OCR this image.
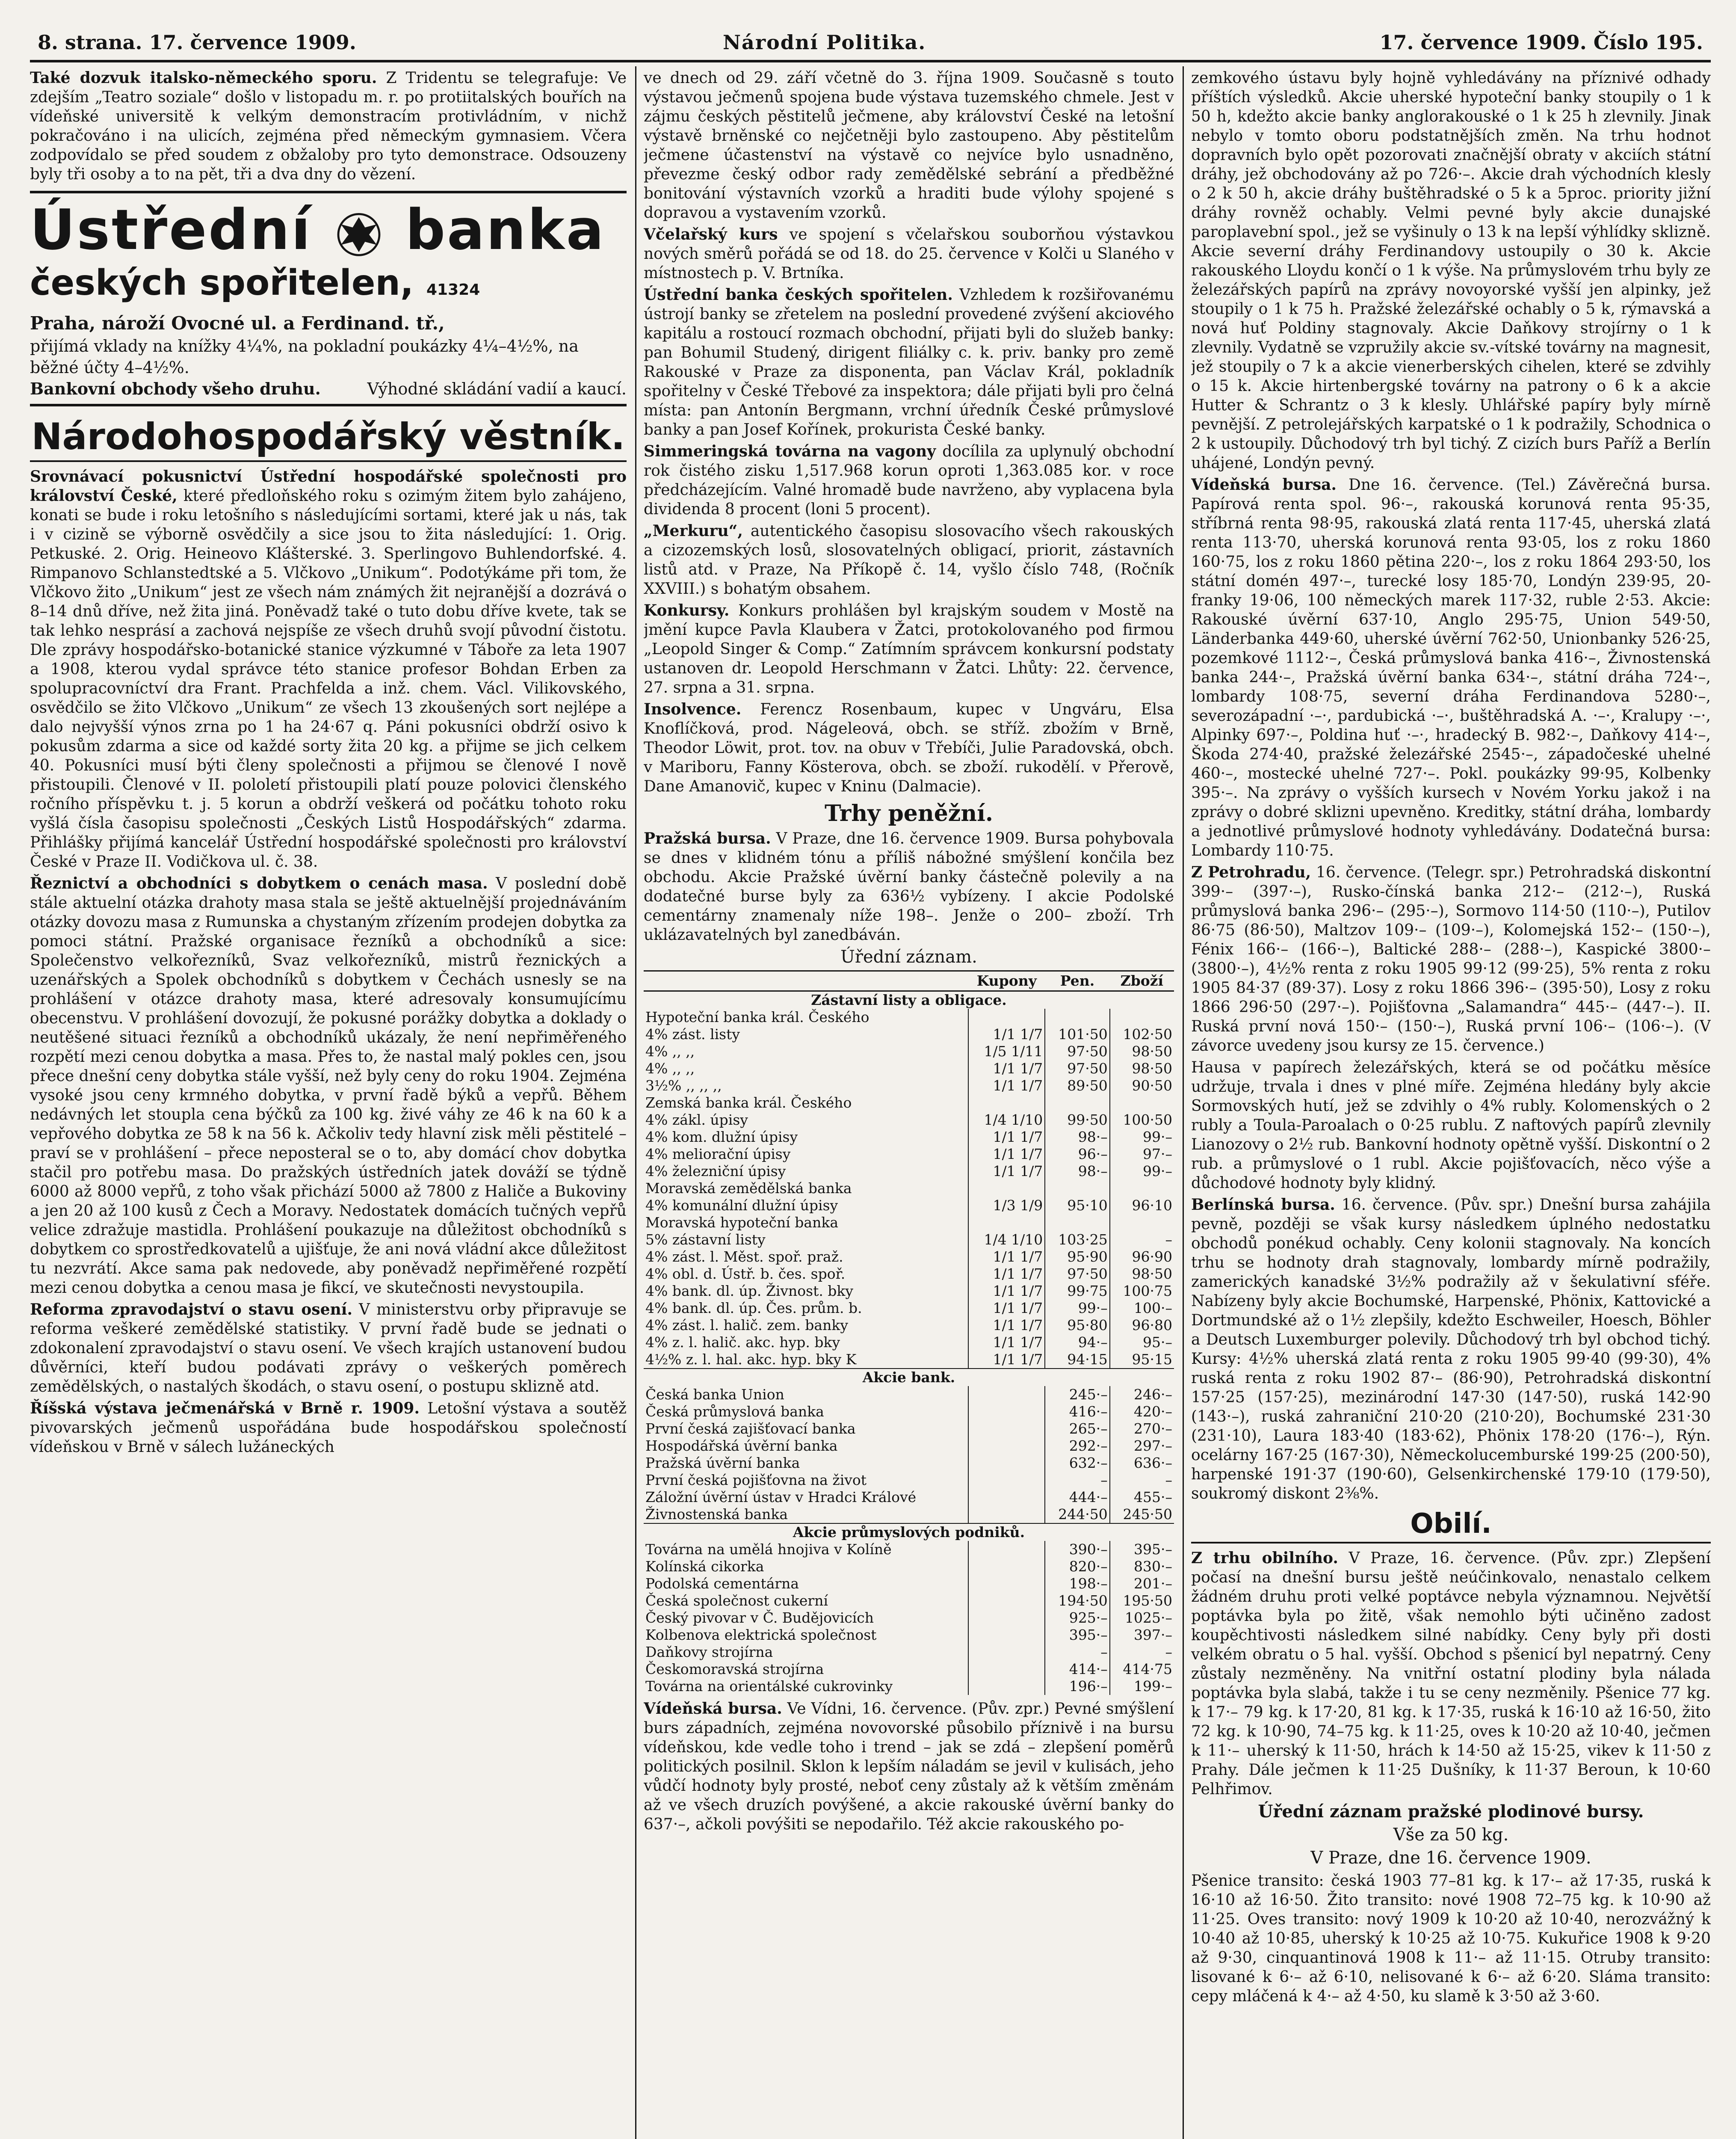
8. strana. 17. července 1909.	Národní Politika.	17. července 1909. Číslo 195.

Také dozvuk italsko-německého sporu. Z Tridentu se telegrafuje: Ve zdejším „Teatro soziale“ došlo v listopadu m. r. po protiitalských bouřích na vídeňské universitě k velkým demonstracím protivládním, v nichž pokračováno i na ulicích, zejména před německým gymnasiem. Včera zodpovídalo se před soudem z obžaloby pro tyto demonstrace. Odsouzeny byly tři osoby a to na pět, tři a dva dny do vězení.

Ústřední banka
českých spořitelen, 41324
Praha, nároží Ovocné ul. a Ferdinand. tř.,
přijímá vklady na knížky 4¼%, na pokladní poukázky 4¼–4½%, na běžné účty 4–4½%.
Bankovní obchody všeho druhu.	Výhodné skládání vadií a kaucí.
Národohospodářský věstník.

Srovnávací pokusnictví Ústřední hospodářské společnosti pro království České, které předloňského roku s ozimým žitem bylo zahájeno, konati se bude i roku letošního s následujícími sortami, které jak u nás, tak i v cizině se výborně osvědčily a sice jsou to žita následující: 1. Orig. Petkuské. 2. Orig. Heineovo Klášterské. 3. Sperlingovo Buhlendorfské. 4. Rimpanovo Schlanstedtské a 5. Vlčkovo „Unikum“. Podotýkáme při tom, že Vlčkovo žito „Unikum“ jest ze všech nám známých žit nejranější a dozrává o 8–14 dnů dříve, než žita jiná. Poněvadž také o tuto dobu dříve kvete, tak se tak lehko nesprásí a zachová nejspíše ze všech druhů svojí původní čistotu. Dle zprávy hospodářsko-botanické stanice výzkumné v Táboře za leta 1907 a 1908, kterou vydal správce této stanice profesor Bohdan Erben za spolupracovníctví dra Frant. Prachfelda a inž. chem. Václ. Vilikovského, osvědčilo se žito Vlčkovo „Unikum“ ze všech 13 zkoušených sort nejlépe a dalo nejvyšší výnos zrna po 1 ha 24·67 q. Páni pokusníci obdrží osivo k pokusům zdarma a sice od každé sorty žita 20 kg. a přijme se jich celkem 40. Pokusníci musí býti členy společnosti a přijmou se členové I nově přistoupili. Členové v II. pololetí přistoupili platí pouze polovici členského ročního příspěvku t. j. 5 korun a obdrží veškerá od počátku tohoto roku vyšlá čísla časopisu společnosti „Českých Listů Hospodářských“ zdarma. Přihlášky přijímá kancelář Ústřední hospodářské společnosti pro království České v Praze II. Vodičkova ul. č. 38.

Řeznictví a obchodníci s dobytkem o cenách masa. V poslední době stále aktuelní otázka drahoty masa stala se ještě aktuelnější projednáváním otázky dovozu masa z Rumunska a chystaným zřízením prodejen dobytka za pomoci státní. Pražské organisace řezníků a obchodníků a sice: Společenstvo velkořezníků, Svaz velkořezníků, mistrů řeznických a uzenářských a Spolek obchodníků s dobytkem v Čechách usnesly se na prohlášení v otázce drahoty masa, které adresovaly konsumujícímu obecenstvu. V prohlášení dovozují, že pokusné porážky dobytka a doklady o neutěšené situaci řezníků a obchodníků ukázaly, že není nepřiměřeného rozpětí mezi cenou dobytka a masa. Přes to, že nastal malý pokles cen, jsou přece dnešní ceny dobytka stále vyšší, než byly ceny do roku 1904. Zejména vysoké jsou ceny krmného dobytka, v první řadě býků a vepřů. Během nedávných let stoupla cena býčků za 100 kg. živé váhy ze 46 k na 60 k a vepřového dobytka ze 58 k na 56 k. Ačkoliv tedy hlavní zisk měli pěstitelé – praví se v prohlášení – přece neposteral se o to, aby domácí chov dobytka stačil pro potřebu masa. Do pražských ústředních jatek dováží se týdně 6000 až 8000 vepřů, z toho však přichází 5000 až 7800 z Haliče a Bukoviny a jen 20 až 100 kusů z Čech a Moravy. Nedostatek domácích tučných vepřů velice zdražuje mastidla. Prohlášení poukazuje na důležitost obchodníků s dobytkem co sprostředkovatelů a ujišťuje, že ani nová vládní akce důležitost tu nezvrátí. Akce sama pak nedovede, aby poněvadž nepřiměřené rozpětí mezi cenou dobytka a cenou masa je fikcí, ve skutečnosti nevystoupila.

Reforma zpravodajství o stavu osení. V ministerstvu orby připravuje se reforma veškeré zemědělské statistiky. V první řadě bude se jednati o zdokonalení zpravodajství o stavu osení. Ve všech krajích ustanovení budou důvěrníci, kteří budou podávati zprávy o veškerých poměrech zemědělských, o nastalých škodách, o stavu osení, o postupu sklizně atd.

Říšská výstava ječmenářská v Brně r. 1909. Letošní výstava a soutěž pivovarských ječmenů uspořádána bude hospodářskou společností vídeňskou v Brně v sálech lužáneckých

ve dnech od 29. září včetně do 3. října 1909. Současně s touto výstavou ječmenů spojena bude výstava tuzemského chmele. Jest v zájmu českých pěstitelů ječmene, aby království České na letošní výstavě brněnské co nejčetněji bylo zastoupeno. Aby pěstitelům ječmene účastenství na výstavě co nejvíce bylo usnadněno, převezme český odbor rady zemědělské sebrání a předběžné bonitování výstavních vzorků a hraditi bude výlohy spojené s dopravou a vystavením vzorků.

Včelařský kurs ve spojení s včelařskou souborňou výstavkou nových směrů pořádá se od 18. do 25. července v Kolči u Slaného v místnostech p. V. Brtníka.

Ústřední banka českých spořitelen. Vzhledem k rozšiřovanému ústrojí banky se zřetelem na poslední provedené zvýšení akciového kapitálu a rostoucí rozmach obchodní, přijati byli do služeb banky: pan Bohumil Studený, dirigent filiálky c. k. priv. banky pro země Rakouské v Praze za disponenta, pan Václav Král, pokladník spořitelny v České Třebové za inspektora; dále přijati byli pro čelná místa: pan Antonín Bergmann, vrchní úředník České průmyslové banky a pan Josef Kořínek, prokurista České banky.

Simmeringská továrna na vagony docílila za uplynulý obchodní rok čistého zisku 1,517.968 korun oproti 1,363.085 kor. v roce předcházejícím. Valné hromadě bude navrženo, aby vyplacena byla dividenda 8 procent (loni 5 procent).

„Merkuru“, autentického časopisu slosovacího všech rakouských a cizozemských losů, slosovatelných obligací, priorit, zástavních listů atd. v Praze, Na Příkopě č. 14, vyšlo číslo 748, (Ročník XXVIII.) s bohatým obsahem.

Konkursy. Konkurs prohlášen byl krajským soudem v Mostě na jmění kupce Pavla Klaubera v Žatci, protokolovaného pod firmou „Leopold Singer & Comp.“ Zatímním správcem konkursní podstaty ustanoven dr. Leopold Herschmann v Žatci. Lhůty: 22. července, 27. srpna a 31. srpna.

Insolvence. Ferencz Rosenbaum, kupec v Ungváru, Elsa Knoflíčková, prod. Nágeleová, obch. se stříž. zbožím v Brně, Theodor Löwit, prot. tov. na obuv v Třebíči, Julie Paradovská, obch. v Mariboru, Fanny Kösterova, obch. se zboží. rukodělí. v Přerově, Dane Amanovič, kupec v Kninu (Dalmacie).

Trhy peněžní.

Pražská bursa. V Praze, dne 16. července 1909. Bursa pohybovala se dnes v klidném tónu a příliš nábožné smýšlení končila bez obchodu. Akcie Pražské úvěrní banky částečně polevily a na dodatečné burse byly za 636½ vybízeny. I akcie Podolské cementárny znamenaly níže 198–. Jenže o 200– zboží. Trh uklázavatelných byl zanedbáván.

Úřední záznam.
	Kupony	Pen.	Zboží
Zástavní listy a obligace.			
Hypoteční banka král. Českého			
4% zást. listy	1/1 1/7	101·50	102·50
4% ,, ,,	1/5 1/11	97·50	98·50
4% ,, ,,	1/1 1/7	97·50	98·50
3½% ,, ,, ,,	1/1 1/7	89·50	90·50
Zemská banka král. Českého			
4% zákl. úpisy	1/4 1/10	99·50	100·50
4% kom. dlužní úpisy	1/1 1/7	98·–	99·–
4% meliorační úpisy	1/1 1/7	96·–	97·–
4% železniční úpisy	1/1 1/7	98·–	99·–
Moravská zemědělská banka			
4% komunální dlužní úpisy	1/3 1/9	95·10	96·10
Moravská hypoteční banka			
5% zástavní listy	1/4 1/10	103·25	–
4% zást. l. Měst. spoř. praž.	1/1 1/7	95·90	96·90
4% obl. d. Ústř. b. čes. spoř.	1/1 1/7	97·50	98·50
4% bank. dl. úp. Živnost. bky	1/1 1/7	99·75	100·75
4% bank. dl. úp. Čes. prům. b.	1/1 1/7	99·–	100·–
4% zást. l. halič. zem. banky	1/1 1/7	95·80	96·80
4% z. l. halič. akc. hyp. bky	1/1 1/7	94·–	95·–
4½% z. l. hal. akc. hyp. bky K	1/1 1/7	94·15	95·15
Akcie bank.			
Česká banka Union		245·–	246·–
Česká průmyslová banka		416·–	420·–
První česká zajišťovací banka		265·–	270·–
Hospodářská úvěrní banka		292·–	297·–
Pražská úvěrní banka		632·–	636·–
První česká pojišťovna na život		–	–
Záložní úvěrní ústav v Hradci Králové		444·–	455·–
Živnostenská banka		244·50	245·50
Akcie průmyslových podniků.			
Továrna na umělá hnojiva v Kolíně		390·–	395·–
Kolínská cikorka		820·–	830·–
Podolská cementárna		198·–	201·–
Česká společnost cukerní		194·50	195·50
Český pivovar v Č. Budějovicích		925·–	1025·–
Kolbenova elektrická společnost		395·–	397·–
Daňkovy strojírna		–	–
Českomoravská strojírna		414·–	414·75
Továrna na orientálské cukrovinky		196·–	199·–

Vídeňská bursa. Ve Vídni, 16. července. (Pův. zpr.) Pevné smýšlení burs západních, zejména novovorské působilo příznivě i na bursu vídeňskou, kde vedle toho i trend – jak se zdá – zlepšení poměrů politických posilnil. Sklon k lepším náladám se jevil v kulisách, jeho vůdčí hodnoty byly prosté, neboť ceny zůstaly až k větším změnám až ve všech druzích povýšené, a akcie rakouské úvěrní banky do 637·–, ačkoli povýšiti se nepodařilo. Též akcie rakouského po-

zemkového ústavu byly hojně vyhledávány na příznivé odhady příštích výsledků. Akcie uherské hypoteční banky stoupily o 1 k 50 h, kdežto akcie banky anglorakouské o 1 k 25 h zlevnily. Jinak nebylo v tomto oboru podstatnějších změn. Na trhu hodnot dopravních bylo opět pozorovati značnější obraty v akciích státní dráhy, jež obchodovány až po 726·–. Akcie drah východních klesly o 2 k 50 h, akcie dráhy buštěhradské o 5 k a 5proc. priority jižní dráhy rovněž ochably. Velmi pevné byly akcie dunajské paroplavební spol., jež se vyšinuly o 13 k na lepší výhlídky sklizně. Akcie severní dráhy Ferdinandovy ustoupily o 30 k. Akcie rakouského Lloydu končí o 1 k výše. Na průmyslovém trhu byly ze železářských papírů na zprávy novoyorské vyšší jen alpinky, jež stoupily o 1 k 75 h. Pražské železářské ochably o 5 k, rýmavská a nová huť Poldiny stagnovaly. Akcie Daňkovy strojírny o 1 k zlevnily. Vydatně se vzpružily akcie sv.-vítské továrny na magnesit, jež stoupily o 7 k a akcie vienerberských cihelen, které se zdvihly o 15 k. Akcie hirtenbergské továrny na patrony o 6 k a akcie Hutter & Schrantz o 3 k klesly. Uhlářské papíry byly mírně pevnější. Z petrolejářských karpatské o 1 k podražily, Schodnica o 2 k ustoupily. Důchodový trh byl tichý. Z cizích burs Paříž a Berlín uhájené, Londýn pevný.

Vídeňská bursa. Dne 16. července. (Tel.) Závěrečná bursa. Papírová renta spol. 96·–, rakouská korunová renta 95·35, stříbrná renta 98·95, rakouská zlatá renta 117·45, uherská zlatá renta 113·70, uherská korunová renta 93·05, los z roku 1860 160·75, los z roku 1860 pětina 220·–, los z roku 1864 293·50, los státní domén 497·–, turecké losy 185·70, Londýn 239·95, 20-franky 19·06, 100 německých marek 117·32, ruble 2·53. Akcie: Rakouské úvěrní 637·10, Anglo 295·75, Union 549·50, Länderbanka 449·60, uherské úvěrní 762·50, Unionbanky 526·25, pozemkové 1112·–, Česká průmyslová banka 416·–, Živnostenská banka 244·–, Pražská úvěrní banka 634·–, státní dráha 724·–, lombardy 108·75, severní dráha Ferdinandova 5280·–, severozápadní ·–·, pardubická ·–·, buštěhradská A. ·–·, Kralupy ·–·, Alpinky 697·–, Poldina huť ·–·, hradecký B. 982·–, Daňkovy 414·–, Škoda 274·40, pražské železářské 2545·–, západočeské uhelné 460·–, mostecké uhelné 727·–. Pokl. poukázky 99·95, Kolbenky 395·–. Na zprávy o vyšších kursech v Novém Yorku jakož i na zprávy o dobré sklizni upevněno. Kreditky, státní dráha, lombardy a jednotlivé průmyslové hodnoty vyhledávány. Dodatečná bursa: Lombardy 110·75.

Z Petrohradu, 16. července. (Telegr. spr.) Petrohradská diskontní 399·– (397·–), Rusko-čínská banka 212·– (212·–), Ruská průmyslová banka 296·– (295·–), Sormovo 114·50 (110·–), Putilov 86·75 (86·50), Maltzov 109·– (109·–), Kolomejská 152·– (150·–), Fénix 166·– (166·–), Baltické 288·– (288·–), Kaspické 3800·– (3800·–), 4½% renta z roku 1905 99·12 (99·25), 5% renta z roku 1905 84·37 (89·37). Losy z roku 1866 396·– (395·50), Losy z roku 1866 296·50 (297·–). Pojišťovna „Salamandra“ 445·– (447·–). II. Ruská první nová 150·– (150·–), Ruská první 106·– (106·–). (V závorce uvedeny jsou kursy ze 15. července.)

Hausa v papírech železářských, která se od počátku měsíce udržuje, trvala i dnes v plné míře. Zejména hledány byly akcie Sormovských hutí, jež se zdvihly o 4% rubly. Kolomenských o 2 rubly a Toula-Paroalach o 0·25 rublu. Z naftových papírů zlevnily Lianozovy o 2½ rub. Bankovní hodnoty opětně vyšší. Diskontní o 2 rub. a průmyslové o 1 rubl. Akcie pojišťovacích, něco výše a důchodové hodnoty byly klidný.

Berlínská bursa. 16. července. (Pův. spr.) Dnešní bursa zahájila pevně, později se však kursy následkem úplného nedostatku obchodů ponékud ochably. Ceny kolonii stagnovaly. Na koncích trhu se hodnoty drah stagnovaly, lombardy mírně podražily, zamerických kanadské 3½% podražily až v šekulativní sféře. Nabízeny byly akcie Bochumské, Harpenské, Phönix, Kattovické a Dortmundské až o 1½ zlepšily, kdežto Eschweiler, Hoesch, Böhler a Deutsch Luxemburger polevily. Důchodový trh byl obchod tichý. Kursy: 4½% uherská zlatá renta z roku 1905 99·40 (99·30), 4% ruská renta z roku 1902 87·– (86·90), Petrohradská diskontní 157·25 (157·25), mezinárodní 147·30 (147·50), ruská 142·90 (143·–), ruská zahraniční 210·20 (210·20), Bochumské 231·30 (231·10), Laura 183·40 (183·62), Phönix 178·20 (176·–), Rýn. ocelárny 167·25 (167·30), Německolucemburské 199·25 (200·50), harpenské 191·37 (190·60), Gelsenkirchenské 179·10 (179·50), soukromý diskont 2⅜%.

Obilí.

Z trhu obilního. V Praze, 16. července. (Pův. zpr.) Zlepšení počasí na dnešní bursu ještě neúčinkovalo, nenastalo celkem žádném druhu proti velké poptávce nebyla významnou. Největší poptávka byla po žitě, však nemohlo býti učiněno zadost koupěchtivosti následkem silné nabídky. Ceny byly při dosti velkém obratu o 5 hal. vyšší. Obchod s pšenicí byl nepatrný. Ceny zůstaly nezměněny. Na vnitřní ostatní plodiny byla nálada poptávka byla slabá, takže i tu se ceny nezměnily. Pšenice 77 kg. k 17·– 79 kg. k 17·20, 81 kg. k 17·35, ruská k 16·10 až 16·50, žito 72 kg. k 10·90, 74–75 kg. k 11·25, oves k 10·20 až 10·40, ječmen k 11·– uherský k 11·50, hrách k 14·50 až 15·25, vikev k 11·50 z Prahy. Dále ječmen k 11·25 Dušníky, k 11·37 Beroun, k 10·60 Pelhřimov.

Úřední záznam pražské plodinové bursy.
Vše za 50 kg.
V Praze, dne 16. července 1909.

Pšenice transito: česká 1903 77–81 kg. k 17·– až 17·35, ruská k 16·10 až 16·50. Žito transito: nové 1908 72–75 kg. k 10·90 až 11·25. Oves transito: nový 1909 k 10·20 až 10·40, nerozvážný k 10·40 až 10·85, uherský k 10·25 až 10·75. Kukuřice 1908 k 9·20 až 9·30, cinquantinová 1908 k 11·– až 11·15. Otruby transito: lisované k 6·– až 6·10, nelisované k 6·– až 6·20. Sláma transito: cepy mláčená k 4·– až 4·50, ku slamě k 3·50 až 3·60.
